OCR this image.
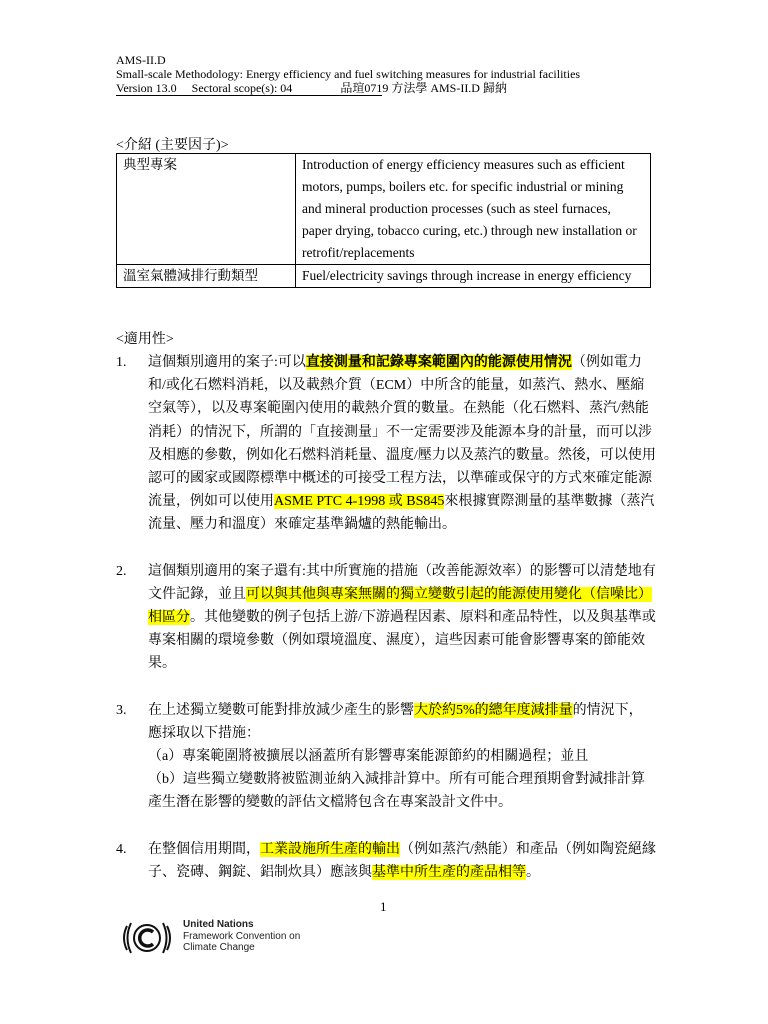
AMS-II.D
Small-scale Methodology: Energy efficiency and fuel switching measures for industrial facilities
Version 13.0 Sectoral scope(s): 04	品瑄0719 方法學 AMS-II.D 歸納
<介紹 (主要因子)>
典型專案	Introduction of energy efficiency measures such as efficient motors, pumps, boilers etc. for specific industrial or mining and mineral production processes (such as steel furnaces, paper drying, tobacco curing, etc.) through new installation or retrofit/replacements
溫室氣體減排行動類型	Fuel/electricity savings through increase in energy efficiency
<適用性>
1. 這個類別適用的案子:可以直接測量和記錄專案範圍內的能源使用情況（例如電力和/或化石燃料消耗，以及載熱介質（ECM）中所含的能量，如蒸汽、熱水、壓縮空氣等），以及專案範圍內使用的載熱介質的數量。在熱能（化石燃料、蒸汽/熱能消耗）的情況下，所謂的「直接測量」不一定需要涉及能源本身的計量，而可以涉及相應的參數，例如化石燃料消耗量、溫度/壓力以及蒸汽的數量。然後，可以使用認可的國家或國際標準中概述的可接受工程方法，以準確或保守的方式來確定能源流量，例如可以使用ASME PTC 4-1998 或 BS845來根據實際測量的基準數據（蒸汽流量、壓力和溫度）來確定基準鍋爐的熱能輸出。
2. 這個類別適用的案子還有:其中所實施的措施（改善能源效率）的影響可以清楚地有文件記錄，並且可以與其他與專案無關的獨立變數引起的能源使用變化（信噪比）相區分。其他變數的例子包括上游/下游過程因素、原料和產品特性，以及與基準或專案相關的環境參數（例如環境溫度、濕度），這些因素可能會影響專案的節能效果。
3. 在上述獨立變數可能對排放減少產生的影響大於約5%的總年度減排量的情況下，應採取以下措施：
（a）專案範圍將被擴展以涵蓋所有影響專案能源節約的相關過程；並且
（b）這些獨立變數將被監測並納入減排計算中。所有可能合理預期會對減排計算產生潛在影響的變數的評估文檔將包含在專案設計文件中。
4. 在整個信用期間，工業設施所生產的輸出（例如蒸汽/熱能）和產品（例如陶瓷絕緣子、瓷磚、鋼錠、鋁制炊具）應該與基準中所生產的產品相等。
1
United Nations
Framework Convention on
Climate Change
